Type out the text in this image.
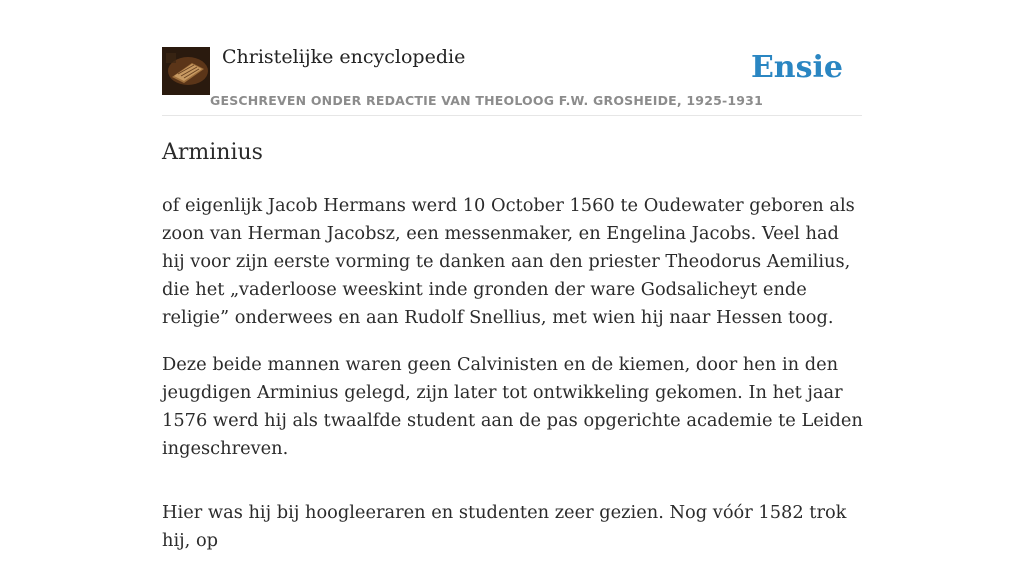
Christelijke encyclopedie
GESCHREVEN ONDER REDACTIE VAN THEOLOOG F.W. GROSHEIDE, 1925-1931
Ensie
Arminius

of eigenlijk Jacob Hermans werd 10 October 1560 te Oudewater geboren als zoon van Herman Jacobsz, een messenmaker, en Engelina Jacobs. Veel had hij voor zijn eerste vorming te danken aan den priester Theodorus Aemilius, die het „vaderloose weeskint inde gronden der ware Godsalicheyt ende religie” onderwees en aan Rudolf Snellius, met wien hij naar Hessen toog.

Deze beide mannen waren geen Calvinisten en de kiemen, door hen in den jeugdigen Arminius gelegd, zijn later tot ontwikkeling gekomen. In het jaar 1576 werd hij als twaalfde student aan de pas opgerichte academie te Leiden ingeschreven.

Hier was hij bij hoogleeraren en studenten zeer gezien. Nog vóór 1582 trok hij, op
